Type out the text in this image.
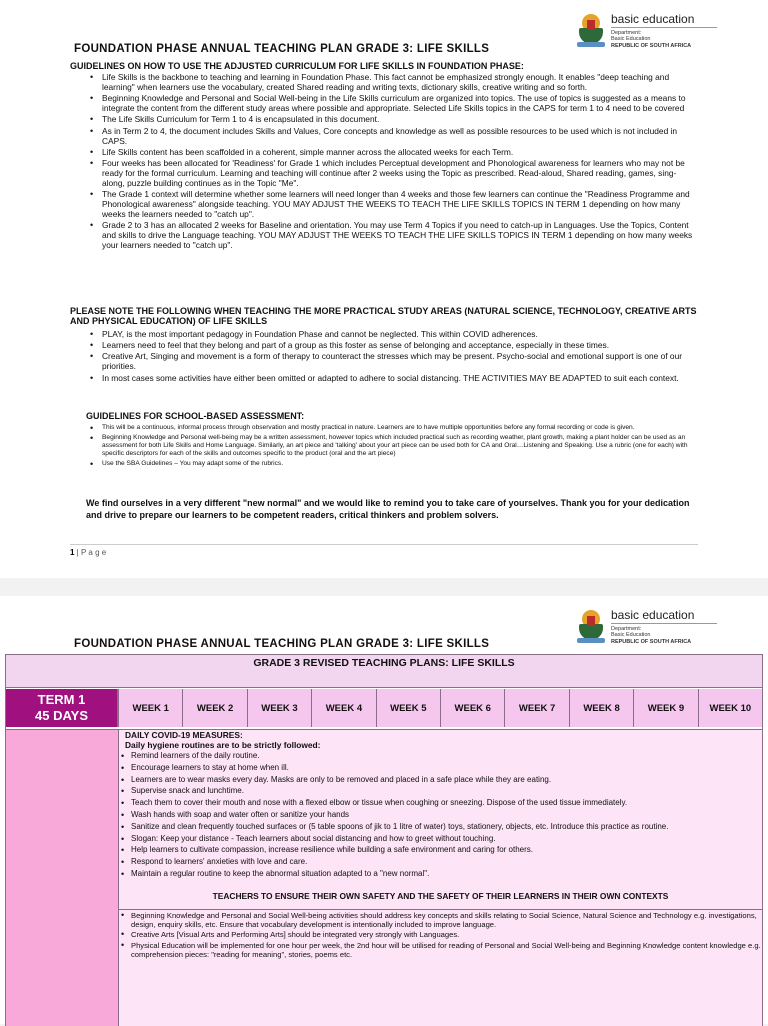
basic education
Department:
Basic Education
REPUBLIC OF SOUTH AFRICA
FOUNDATION PHASE ANNUAL TEACHING PLAN GRADE 3: LIFE SKILLS
GUIDELINES ON HOW TO USE THE ADJUSTED CURRICULUM FOR LIFE SKILLS IN FOUNDATION PHASE:
• Life Skills is the backbone to teaching and learning in Foundation Phase. This fact cannot be emphasized strongly enough. It enables "deep teaching and learning" when learners use the vocabulary, created Shared reading and writing texts, dictionary skills, creative writing and so forth.
• Beginning Knowledge and Personal and Social Well-being in the Life Skills curriculum are organized into topics. The use of topics is suggested as a means to integrate the content from the different study areas where possible and appropriate. Selected Life Skills topics in the CAPS for term 1 to 4 need to be covered
• The Life Skills Curriculum for Term 1 to 4 is encapsulated in this document.
• As in Term 2 to 4, the document includes Skills and Values, Core concepts and knowledge as well as possible resources to be used which is not included in CAPS.
• Life Skills content has been scaffolded in a coherent, simple manner across the allocated weeks for each Term.
• Four weeks has been allocated for 'Readiness' for Grade 1 which includes Perceptual development and Phonological awareness for learners who may not be ready for the formal curriculum. Learning and teaching will continue after 2 weeks using the Topic as prescribed. Read-aloud, Shared reading, games, sing-along, puzzle building continues as in the Topic "Me".
• The Grade 1 context will determine whether some learners will need longer than 4 weeks and those few learners can continue the "Readiness Programme and Phonological awareness" alongside teaching. YOU MAY ADJUST THE WEEKS TO TEACH THE LIFE SKILLS TOPICS IN TERM 1 depending on how many weeks the learners needed to "catch up".
• Grade 2 to 3 has an allocated 2 weeks for Baseline and orientation. You may use Term 4 Topics if you need to catch-up in Languages. Use the Topics, Content and skills to drive the Language teaching. YOU MAY ADJUST THE WEEKS TO TEACH THE LIFE SKILLS TOPICS IN TERM 1 depending on how many weeks your learners needed to "catch up".
PLEASE NOTE THE FOLLOWING WHEN TEACHING THE MORE PRACTICAL STUDY AREAS (NATURAL SCIENCE, TECHNOLOGY, CREATIVE ARTS AND PHYSICAL EDUCATION) OF LIFE SKILLS
• PLAY, is the most important pedagogy in Foundation Phase and cannot be neglected. This within COVID adherences.
• Learners need to feel that they belong and part of a group as this foster as sense of belonging and acceptance, especially in these times.
• Creative Art, Singing and movement is a form of therapy to counteract the stresses which may be present. Psycho-social and emotional support is one of our priorities.
• In most cases some activities have either been omitted or adapted to adhere to social distancing. THE ACTIVITIES MAY BE ADAPTED to suit each context.
GUIDELINES FOR SCHOOL-BASED ASSESSMENT:
• This will be a continuous, informal process through observation and mostly practical in nature. Learners are to have multiple opportunities before any formal recording or code is given.
• Beginning Knowledge and Personal well-being may be a written assessment, however topics which included practical such as recording weather, plant growth, making a plant holder can be used as an assessment for both Life Skills and Home Language. Similarly, an art piece and 'talking' about your art piece can be used both for CA and Oral…Listening and Speaking. Use a rubric (one for each) with specific descriptors for each of the skills and outcomes specific to the product (oral and the art piece)
• Use the SBA Guidelines – You may adapt some of the rubrics.
We find ourselves in a very different "new normal" and we would like to remind you to take care of yourselves. Thank you for your dedication and drive to prepare our learners to be competent readers, critical thinkers and problem solvers.
1 | P a g e
basic education
Department:
Basic Education
REPUBLIC OF SOUTH AFRICA
FOUNDATION PHASE ANNUAL TEACHING PLAN GRADE 3: LIFE SKILLS
GRADE 3 REVISED TEACHING PLANS: LIFE SKILLS
TERM 1
45 DAYS	WEEK 1	WEEK 2	WEEK 3	WEEK 4	WEEK 5	WEEK 6	WEEK 7	WEEK 8	WEEK 9	WEEK 10
DAILY COVID-19 MEASURES:
Daily hygiene routines are to be strictly followed:
• Remind learners of the daily routine.
• Encourage learners to stay at home when ill.
• Learners are to wear masks every day. Masks are only to be removed and placed in a safe place while they are eating.
• Supervise snack and lunchtime.
• Teach them to cover their mouth and nose with a flexed elbow or tissue when coughing or sneezing. Dispose of the used tissue immediately.
• Wash hands with soap and water often or sanitize your hands
• Sanitize and clean frequently touched surfaces or (5 table spoons of jik to 1 litre of water) toys, stationery, objects, etc. Introduce this practice as routine.
• Slogan: Keep your distance - Teach learners about social distancing and how to greet without touching.
• Help learners to cultivate compassion, increase resilience while building a safe environment and caring for others.
• Respond to learners' anxieties with love and care.
• Maintain a regular routine to keep the abnormal situation adapted to a "new normal".
TEACHERS TO ENSURE THEIR OWN SAFETY AND THE SAFETY OF THEIR LEARNERS IN THEIR OWN CONTEXTS
• Beginning Knowledge and Personal and Social Well-being activities should address key concepts and skills relating to Social Science, Natural Science and Technology e.g. investigations, design, enquiry skills, etc. Ensure that vocabulary development is intentionally included to improve language.
• Creative Arts [Visual Arts and Performing Arts] should be integrated very strongly with Languages.
• Physical Education will be implemented for one hour per week, the 2nd hour will be utilised for reading of Personal and Social Well-being and Beginning Knowledge content knowledge e.g. comprehension pieces: "reading for meaning", stories, poems etc.
